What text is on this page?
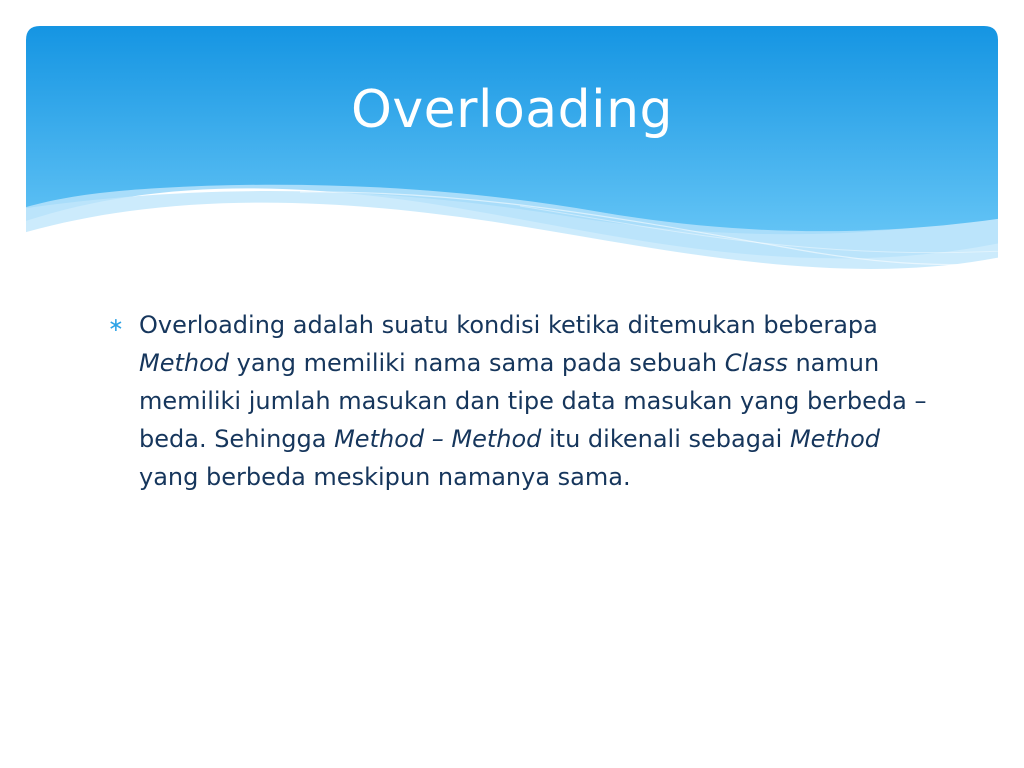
Overloading
∗ Overloading adalah suatu kondisi ketika ditemukan beberapa Method yang memiliki nama sama pada sebuah Class namun memiliki jumlah masukan dan tipe data masukan yang berbeda – beda. Sehingga Method – Method itu dikenali sebagai Method yang berbeda meskipun namanya sama.
